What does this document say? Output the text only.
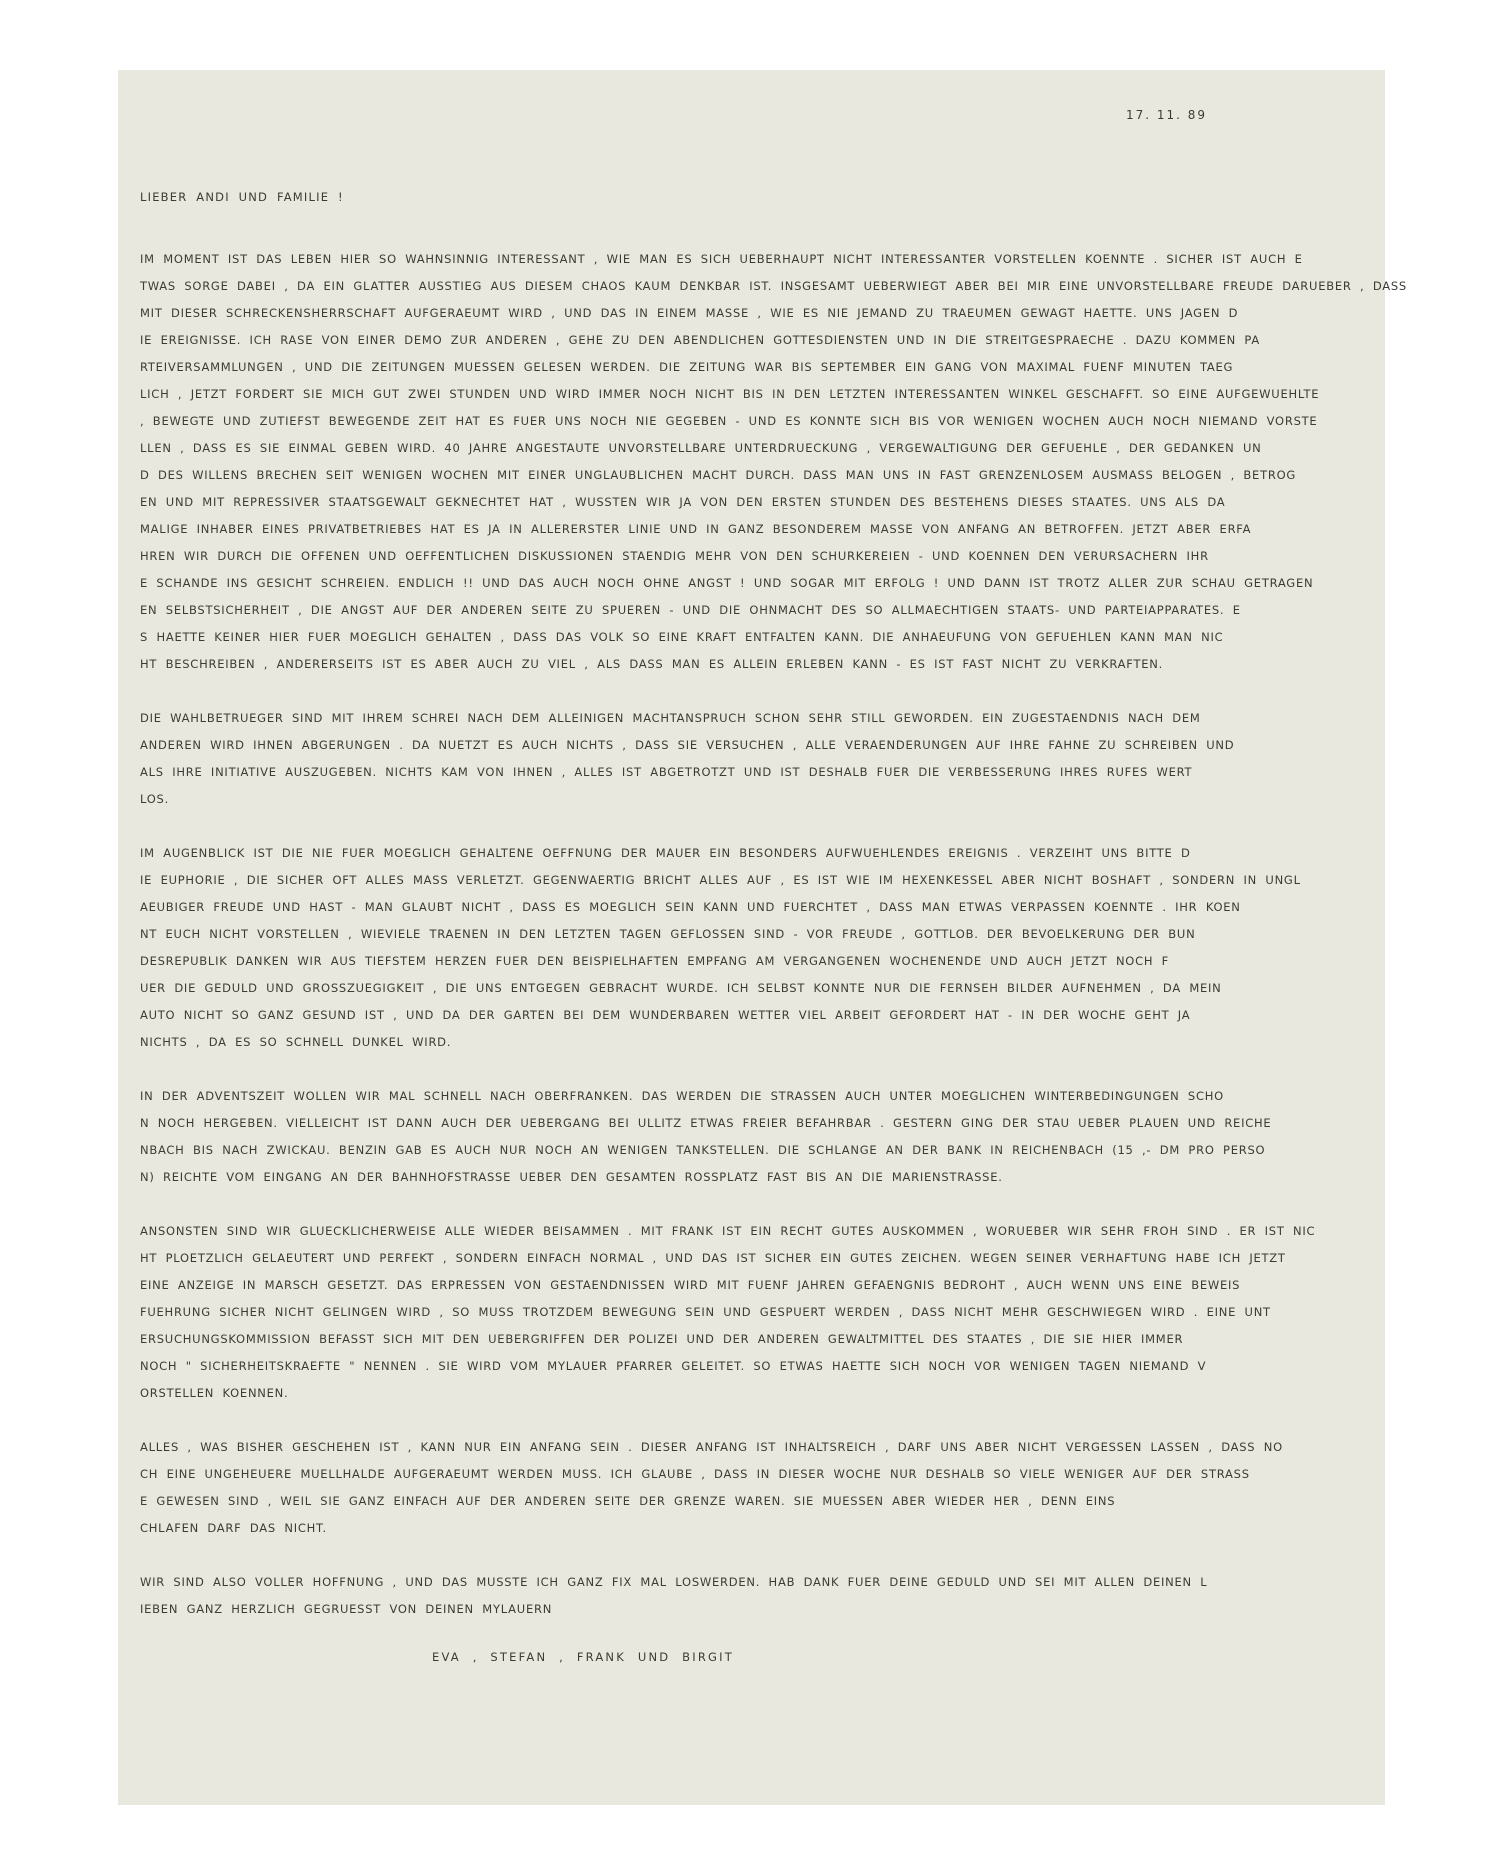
17. 11. 89
LIEBER ANDI UND FAMILIE !
IM MOMENT IST DAS LEBEN HIER SO WAHNSINNIG INTERESSANT , WIE MAN ES SICH UEBERHAUPT NICHT INTERESSANTER VORSTELLEN KOENNTE . SICHER IST AUCH E
TWAS SORGE DABEI , DA EIN GLATTER AUSSTIEG AUS DIESEM CHAOS KAUM DENKBAR IST. INSGESAMT UEBERWIEGT ABER BEI MIR EINE UNVORSTELLBARE FREUDE DARUEBER , DASS
MIT DIESER SCHRECKENSHERRSCHAFT AUFGERAEUMT WIRD , UND DAS IN EINEM MASSE , WIE ES NIE JEMAND ZU TRAEUMEN GEWAGT HAETTE. UNS JAGEN D
IE EREIGNISSE. ICH RASE VON EINER DEMO ZUR ANDEREN , GEHE ZU DEN ABENDLICHEN GOTTESDIENSTEN UND IN DIE STREITGESPRAECHE . DAZU KOMMEN PA
RTEIVERSAMMLUNGEN , UND DIE ZEITUNGEN MUESSEN GELESEN WERDEN. DIE ZEITUNG WAR BIS SEPTEMBER EIN GANG VON MAXIMAL FUENF MINUTEN TAEG
LICH , JETZT FORDERT SIE MICH GUT ZWEI STUNDEN UND WIRD IMMER NOCH NICHT BIS IN DEN LETZTEN INTERESSANTEN WINKEL GESCHAFFT. SO EINE AUFGEWUEHLTE
, BEWEGTE UND ZUTIEFST BEWEGENDE ZEIT HAT ES FUER UNS NOCH NIE GEGEBEN - UND ES KONNTE SICH BIS VOR WENIGEN WOCHEN AUCH NOCH NIEMAND VORSTE
LLEN , DASS ES SIE EINMAL GEBEN WIRD. 40 JAHRE ANGESTAUTE UNVORSTELLBARE UNTERDRUECKUNG , VERGEWALTIGUNG DER GEFUEHLE , DER GEDANKEN UN
D DES WILLENS BRECHEN SEIT WENIGEN WOCHEN MIT EINER UNGLAUBLICHEN MACHT DURCH. DASS MAN UNS IN FAST GRENZENLOSEM AUSMASS BELOGEN , BETROG
EN UND MIT REPRESSIVER STAATSGEWALT GEKNECHTET HAT , WUSSTEN WIR JA VON DEN ERSTEN STUNDEN DES BESTEHENS DIESES STAATES. UNS ALS DA
MALIGE INHABER EINES PRIVATBETRIEBES HAT ES JA IN ALLERERSTER LINIE UND IN GANZ BESONDEREM MASSE VON ANFANG AN BETROFFEN. JETZT ABER ERFA
HREN WIR DURCH DIE OFFENEN UND OEFFENTLICHEN DISKUSSIONEN STAENDIG MEHR VON DEN SCHURKEREIEN - UND KOENNEN DEN VERURSACHERN IHR
E SCHANDE INS GESICHT SCHREIEN. ENDLICH !! UND DAS AUCH NOCH OHNE ANGST ! UND SOGAR MIT ERFOLG ! UND DANN IST TROTZ ALLER ZUR SCHAU GETRAGEN
EN SELBSTSICHERHEIT , DIE ANGST AUF DER ANDEREN SEITE ZU SPUEREN - UND DIE OHNMACHT DES SO ALLMAECHTIGEN STAATS- UND PARTEIAPPARATES. E
S HAETTE KEINER HIER FUER MOEGLICH GEHALTEN , DASS DAS VOLK SO EINE KRAFT ENTFALTEN KANN. DIE ANHAEUFUNG VON GEFUEHLEN KANN MAN NIC
HT BESCHREIBEN , ANDERERSEITS IST ES ABER AUCH ZU VIEL , ALS DASS MAN ES ALLEIN ERLEBEN KANN - ES IST FAST NICHT ZU VERKRAFTEN.
DIE WAHLBETRUEGER SIND MIT IHREM SCHREI NACH DEM ALLEINIGEN MACHTANSPRUCH SCHON SEHR STILL GEWORDEN. EIN ZUGESTAENDNIS NACH DEM
ANDEREN WIRD IHNEN ABGERUNGEN . DA NUETZT ES AUCH NICHTS , DASS SIE VERSUCHEN , ALLE VERAENDERUNGEN AUF IHRE FAHNE ZU SCHREIBEN UND
ALS IHRE INITIATIVE AUSZUGEBEN. NICHTS KAM VON IHNEN , ALLES IST ABGETROTZT UND IST DESHALB FUER DIE VERBESSERUNG IHRES RUFES WERT
LOS.
IM AUGENBLICK IST DIE NIE FUER MOEGLICH GEHALTENE OEFFNUNG DER MAUER EIN BESONDERS AUFWUEHLENDES EREIGNIS . VERZEIHT UNS BITTE D
IE EUPHORIE , DIE SICHER OFT ALLES MASS VERLETZT. GEGENWAERTIG BRICHT ALLES AUF , ES IST WIE IM HEXENKESSEL ABER NICHT BOSHAFT , SONDERN IN UNGL
AEUBIGER FREUDE UND HAST - MAN GLAUBT NICHT , DASS ES MOEGLICH SEIN KANN UND FUERCHTET , DASS MAN ETWAS VERPASSEN KOENNTE . IHR KOEN
NT EUCH NICHT VORSTELLEN , WIEVIELE TRAENEN IN DEN LETZTEN TAGEN GEFLOSSEN SIND - VOR FREUDE , GOTTLOB. DER BEVOELKERUNG DER BUN
DESREPUBLIK DANKEN WIR AUS TIEFSTEM HERZEN FUER DEN BEISPIELHAFTEN EMPFANG AM VERGANGENEN WOCHENENDE UND AUCH JETZT NOCH F
UER DIE GEDULD UND GROSSZUEGIGKEIT , DIE UNS ENTGEGEN GEBRACHT WURDE. ICH SELBST KONNTE NUR DIE FERNSEH BILDER AUFNEHMEN , DA MEIN
AUTO NICHT SO GANZ GESUND IST , UND DA DER GARTEN BEI DEM WUNDERBAREN WETTER VIEL ARBEIT GEFORDERT HAT - IN DER WOCHE GEHT JA
NICHTS , DA ES SO SCHNELL DUNKEL WIRD.
IN DER ADVENTSZEIT WOLLEN WIR MAL SCHNELL NACH OBERFRANKEN. DAS WERDEN DIE STRASSEN AUCH UNTER MOEGLICHEN WINTERBEDINGUNGEN SCHO
N NOCH HERGEBEN. VIELLEICHT IST DANN AUCH DER UEBERGANG BEI ULLITZ ETWAS FREIER BEFAHRBAR . GESTERN GING DER STAU UEBER PLAUEN UND REICHE
NBACH BIS NACH ZWICKAU. BENZIN GAB ES AUCH NUR NOCH AN WENIGEN TANKSTELLEN. DIE SCHLANGE AN DER BANK IN REICHENBACH (15 ,- DM PRO PERSO
N) REICHTE VOM EINGANG AN DER BAHNHOFSTRASSE UEBER DEN GESAMTEN ROSSPLATZ FAST BIS AN DIE MARIENSTRASSE.
ANSONSTEN SIND WIR GLUECKLICHERWEISE ALLE WIEDER BEISAMMEN . MIT FRANK IST EIN RECHT GUTES AUSKOMMEN , WORUEBER WIR SEHR FROH SIND . ER IST NIC
HT PLOETZLICH GELAEUTERT UND PERFEKT , SONDERN EINFACH NORMAL , UND DAS IST SICHER EIN GUTES ZEICHEN. WEGEN SEINER VERHAFTUNG HABE ICH JETZT
EINE ANZEIGE IN MARSCH GESETZT. DAS ERPRESSEN VON GESTAENDNISSEN WIRD MIT FUENF JAHREN GEFAENGNIS BEDROHT , AUCH WENN UNS EINE BEWEIS
FUEHRUNG SICHER NICHT GELINGEN WIRD , SO MUSS TROTZDEM BEWEGUNG SEIN UND GESPUERT WERDEN , DASS NICHT MEHR GESCHWIEGEN WIRD . EINE UNT
ERSUCHUNGSKOMMISSION BEFASST SICH MIT DEN UEBERGRIFFEN DER POLIZEI UND DER ANDEREN GEWALTMITTEL DES STAATES , DIE SIE HIER IMMER
NOCH " SICHERHEITSKRAEFTE " NENNEN . SIE WIRD VOM MYLAUER PFARRER GELEITET. SO ETWAS HAETTE SICH NOCH VOR WENIGEN TAGEN NIEMAND V
ORSTELLEN KOENNEN.
ALLES , WAS BISHER GESCHEHEN IST , KANN NUR EIN ANFANG SEIN . DIESER ANFANG IST INHALTSREICH , DARF UNS ABER NICHT VERGESSEN LASSEN , DASS NO
CH EINE UNGEHEUERE MUELLHALDE AUFGERAEUMT WERDEN MUSS. ICH GLAUBE , DASS IN DIESER WOCHE NUR DESHALB SO VIELE WENIGER AUF DER STRASS
E GEWESEN SIND , WEIL SIE GANZ EINFACH AUF DER ANDEREN SEITE DER GRENZE WAREN. SIE MUESSEN ABER WIEDER HER , DENN EINS
CHLAFEN DARF DAS NICHT.
WIR SIND ALSO VOLLER HOFFNUNG , UND DAS MUSSTE ICH GANZ FIX MAL LOSWERDEN. HAB DANK FUER DEINE GEDULD UND SEI MIT ALLEN DEINEN L
IEBEN GANZ HERZLICH GEGRUESST VON DEINEN MYLAUERN
EVA , STEFAN , FRANK UND BIRGIT
